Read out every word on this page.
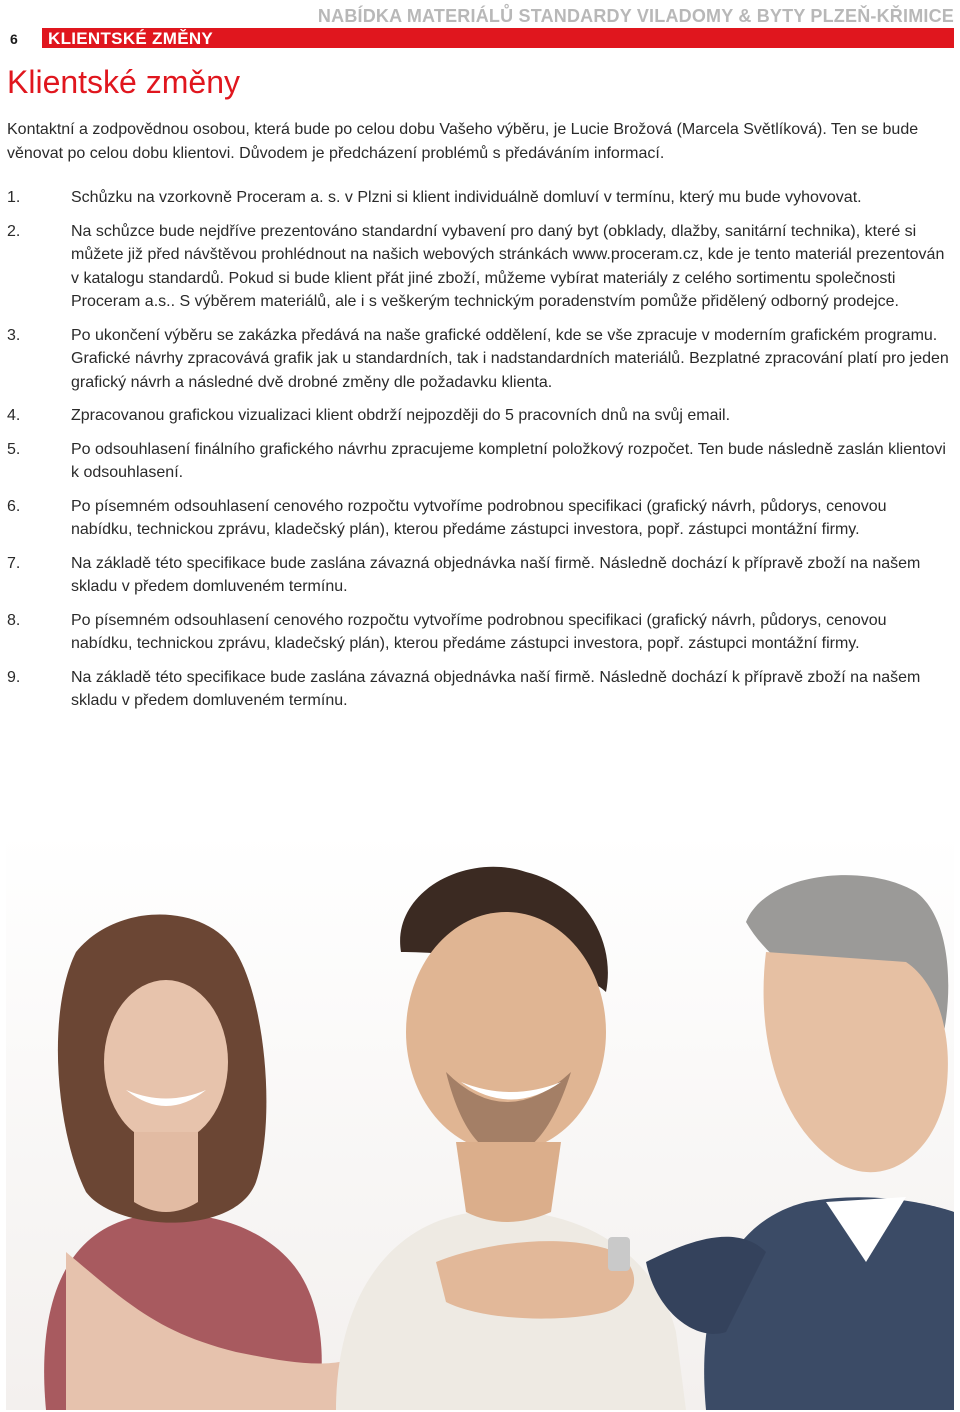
NABÍDKA MATERIÁLŮ STANDARDY VILADOMY & BYTY PLZEŇ-KŘIMICE
KLIENTSKÉ ZMĚNY
6
Klientské změny

Kontaktní a zodpovědnou osobou, která bude po celou dobu Vašeho výběru, je Lucie Brožová (Marcela Světlíková). Ten se bude věnovat po celou dobu klientovi. Důvodem je předcházení problémů s předáváním informací.

1.	Schůzku na vzorkovně Proceram a. s. v Plzni si klient individuálně domluví v termínu, který mu bude vyhovovat.
2.	Na schůzce bude nejdříve prezentováno standardní vybavení pro daný byt (obklady, dlažby, sanitární technika), které si můžete již před návštěvou prohlédnout na našich webových stránkách www.proceram.cz, kde je tento materiál prezentován v katalogu standardů. Pokud si bude klient přát jiné zboží, můžeme vybírat materiály z celého sortimentu společnosti Proceram a.s.. S výběrem materiálů, ale i s veškerým technickým poradenstvím pomůže přidělený odborný prodejce.
3.	Po ukončení výběru se zakázka předává na naše grafické oddělení, kde se vše zpracuje v moderním grafickém programu. Grafické návrhy zpracovává grafik jak u standardních, tak i nadstandardních materiálů. Bezplatné zpracování platí pro jeden grafický návrh a následné dvě drobné změny dle požadavku klienta.
4.	Zpracovanou grafickou vizualizaci klient obdrží nejpozději do 5 pracovních dnů na svůj email.
5.	Po odsouhlasení finálního grafického návrhu zpracujeme kompletní položkový rozpočet. Ten bude následně zaslán klientovi k odsouhlasení.
6.	Po písemném odsouhlasení cenového rozpočtu vytvoříme podrobnou specifikaci (grafický návrh, půdorys, cenovou nabídku, technickou zprávu, kladečský plán), kterou předáme zástupci investora, popř. zástupci montážní firmy.
7.	Na základě této specifikace bude zaslána závazná objednávka naší firmě. Následně dochází k přípravě zboží na našem skladu v předem domluveném termínu.
8.	Po písemném odsouhlasení cenového rozpočtu vytvoříme podrobnou specifikaci (grafický návrh, půdorys, cenovou nabídku, technickou zprávu, kladečský plán), kterou předáme zástupci investora, popř. zástupci montážní firmy.
9.	Na základě této specifikace bude zaslána závazná objednávka naší firmě. Následně dochází k přípravě zboží na našem skladu v předem domluveném termínu.
